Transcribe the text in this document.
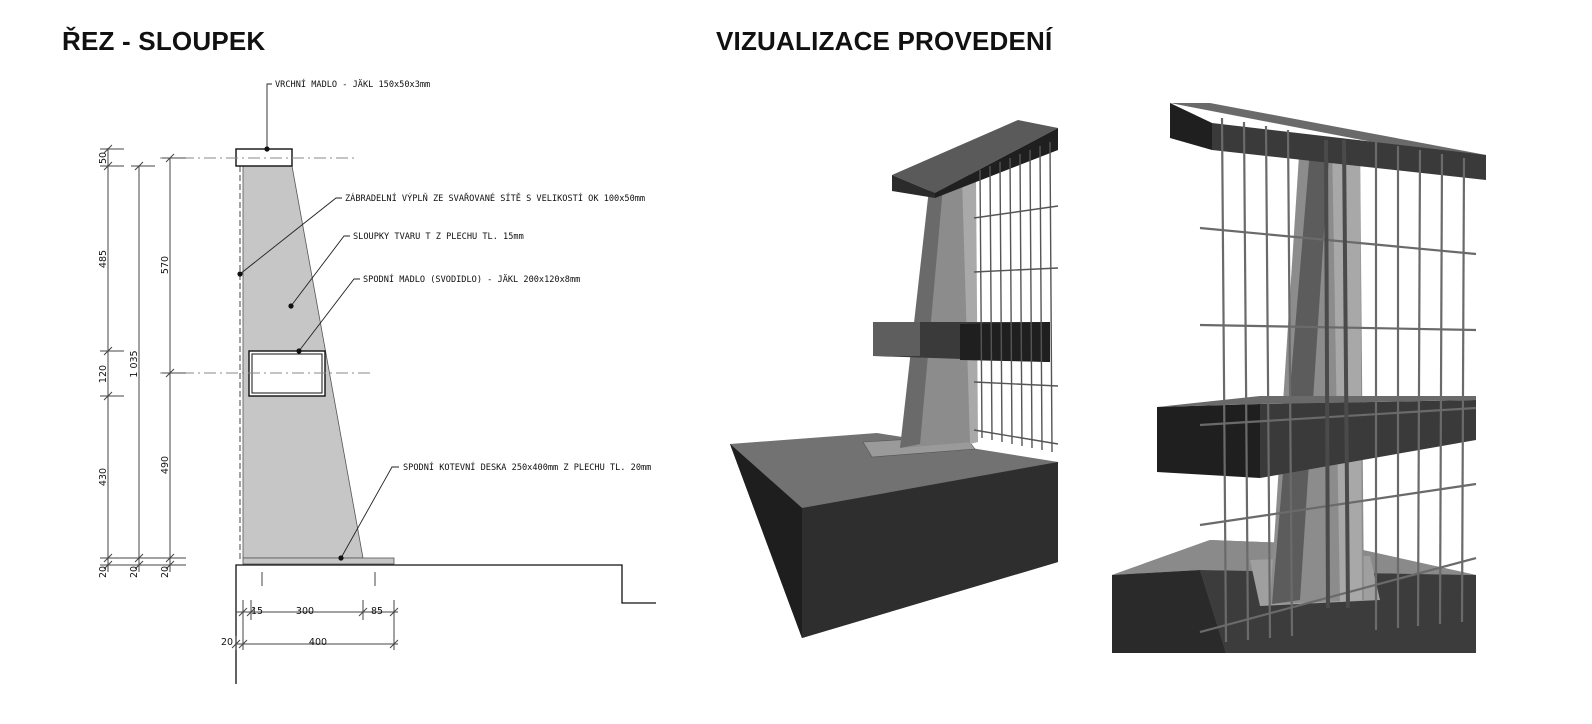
ŘEZ - SLOUPEK	VIZUALIZACE PROVEDENÍ
VRCHNÍ MADLO - JÄKL 150x50x3mm
ZÁBRADELNÍ VÝPLŇ ZE SVAŘOVANÉ SÍTĚ S VELIKOSTÍ OK 100x50mm
SLOUPKY TVARU T Z PLECHU TL. 15mm
SPODNÍ MADLO (SVODIDLO) - JÄKL 200x120x8mm
SPODNÍ KOTEVNÍ DESKA 250x400mm Z PLECHU TL. 20mm
50
485
120
430
20
1 035
20
570
490
20
15	300	85
20	400
